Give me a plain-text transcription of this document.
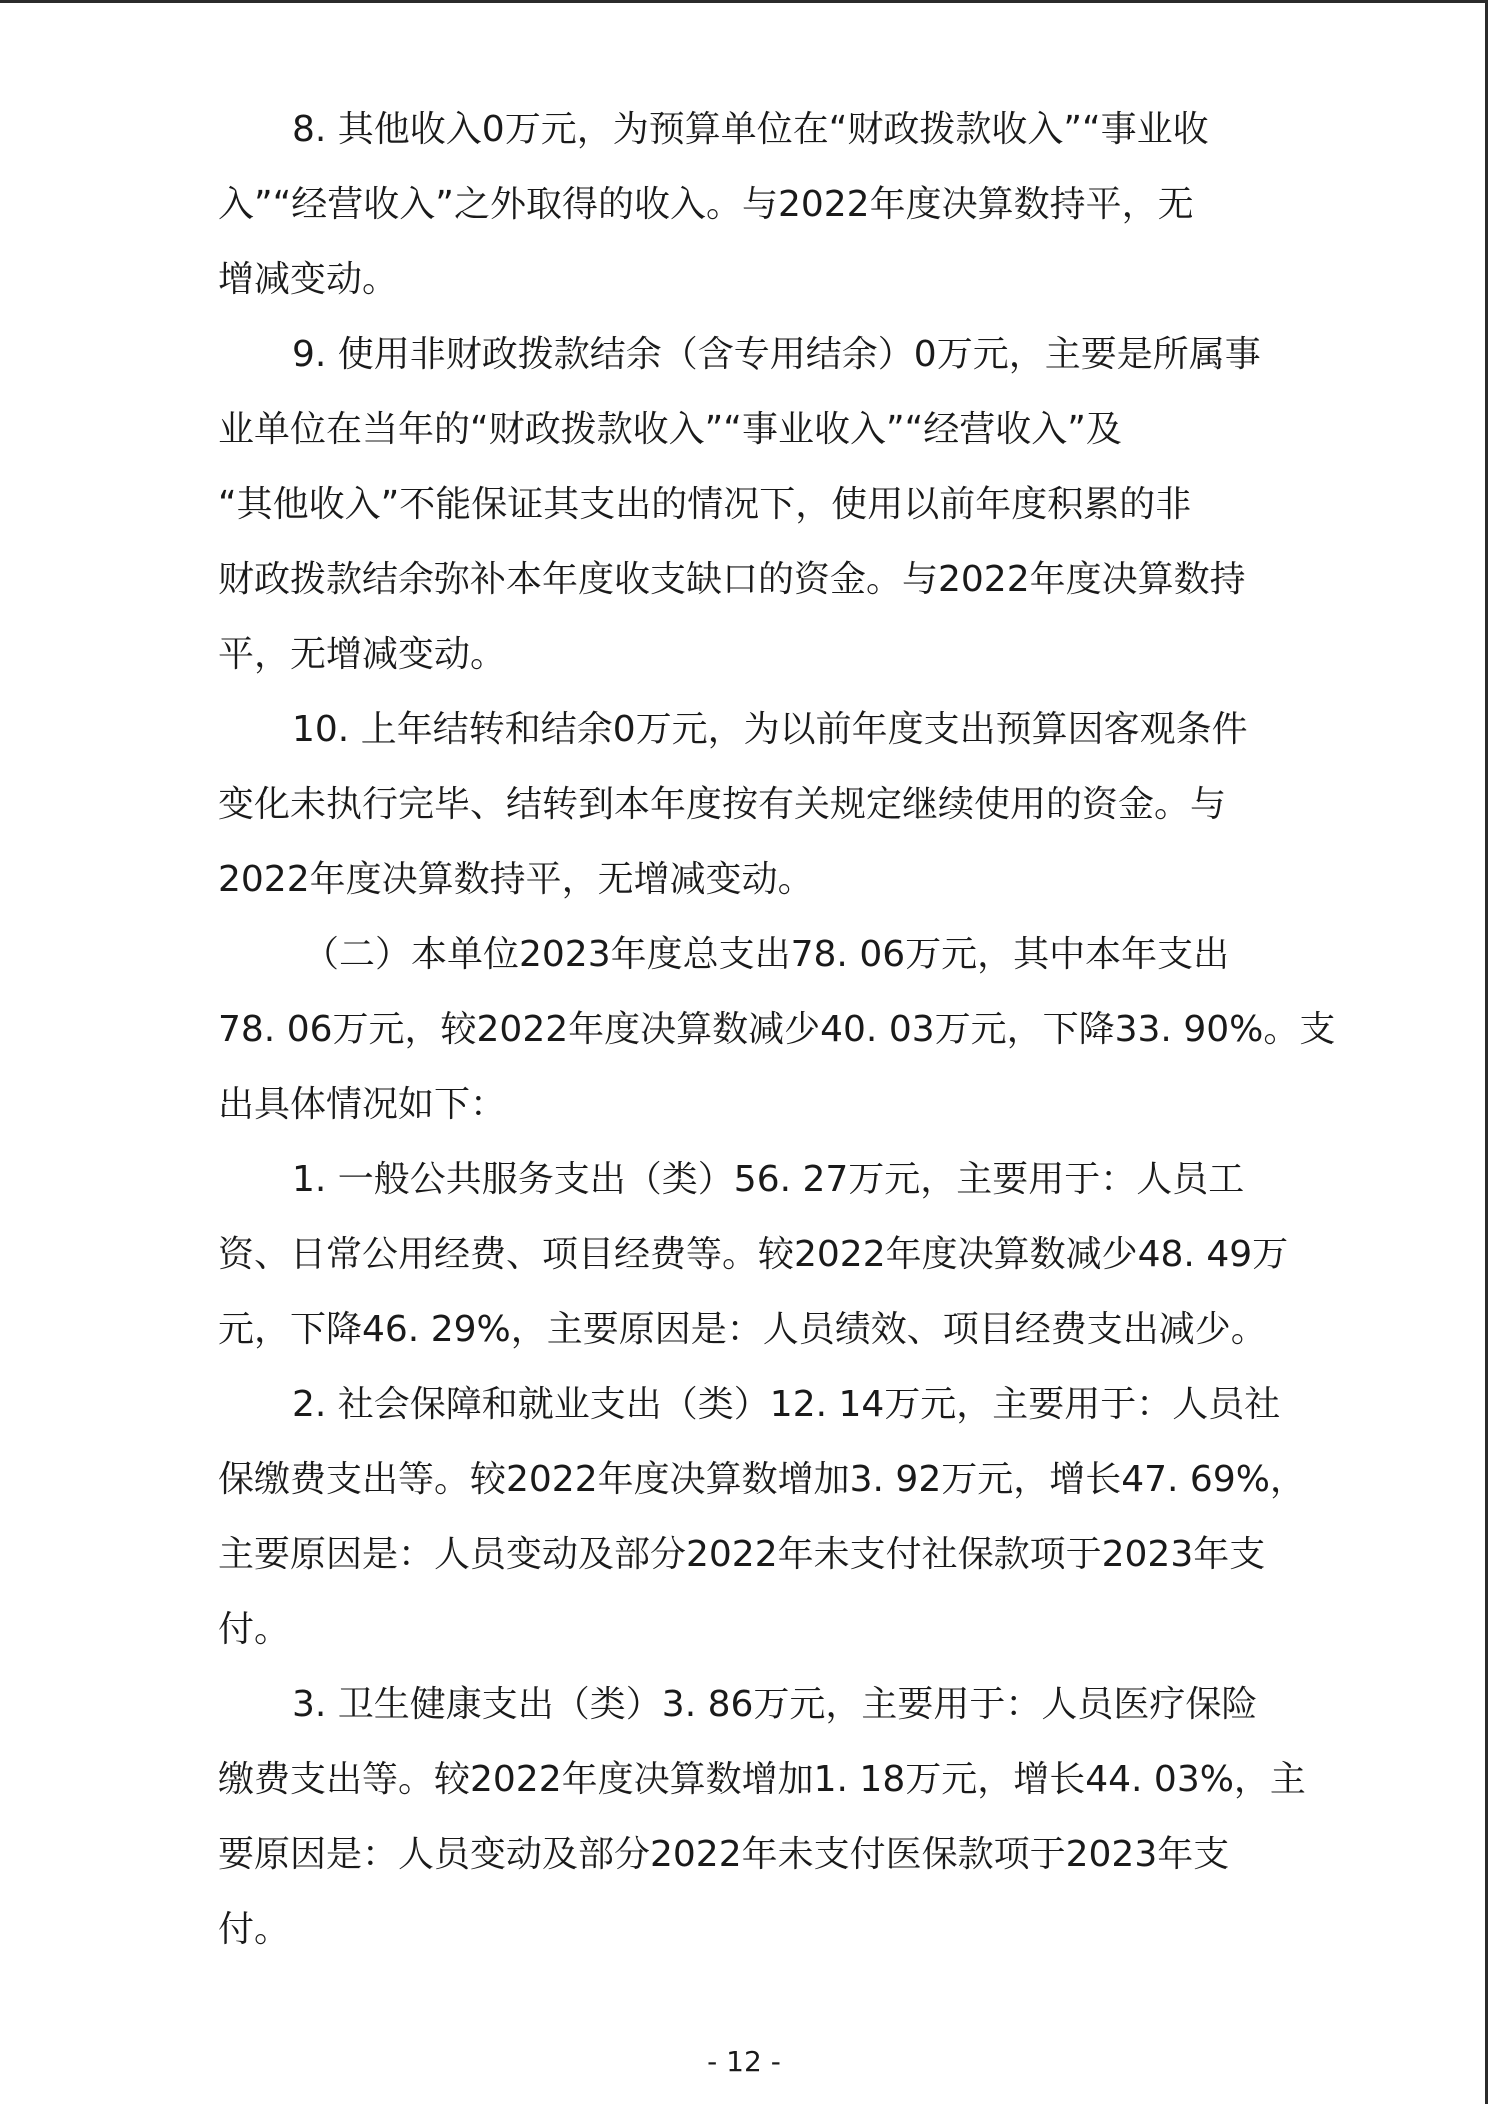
8. 其他收入0万元，为预算单位在“财政拨款收入”“事业收
入”“经营收入”之外取得的收入。与2022年度决算数持平，无
增减变动。
9. 使用非财政拨款结余（含专用结余）0万元，主要是所属事
业单位在当年的“财政拨款收入”“事业收入”“经营收入”及
“其他收入”不能保证其支出的情况下，使用以前年度积累的非
财政拨款结余弥补本年度收支缺口的资金。与2022年度决算数持
平，无增减变动。
10. 上年结转和结余0万元，为以前年度支出预算因客观条件
变化未执行完毕、结转到本年度按有关规定继续使用的资金。与
2022年度决算数持平，无增减变动。
（二）本单位2023年度总支出78. 06万元，其中本年支出
78. 06万元，较2022年度决算数减少40. 03万元，下降33. 90%。支
出具体情况如下：
1. 一般公共服务支出（类）56. 27万元，主要用于：人员工
资、日常公用经费、项目经费等。较2022年度决算数减少48. 49万
元，下降46. 29%，主要原因是：人员绩效、项目经费支出减少。
2. 社会保障和就业支出（类）12. 14万元，主要用于：人员社
保缴费支出等。较2022年度决算数增加3. 92万元，增长47. 69%，
主要原因是：人员变动及部分2022年未支付社保款项于2023年支
付。
3. 卫生健康支出（类）3. 86万元，主要用于：人员医疗保险
缴费支出等。较2022年度决算数增加1. 18万元，增长44. 03%，主
要原因是：人员变动及部分2022年未支付医保款项于2023年支
付。
- 12 -
